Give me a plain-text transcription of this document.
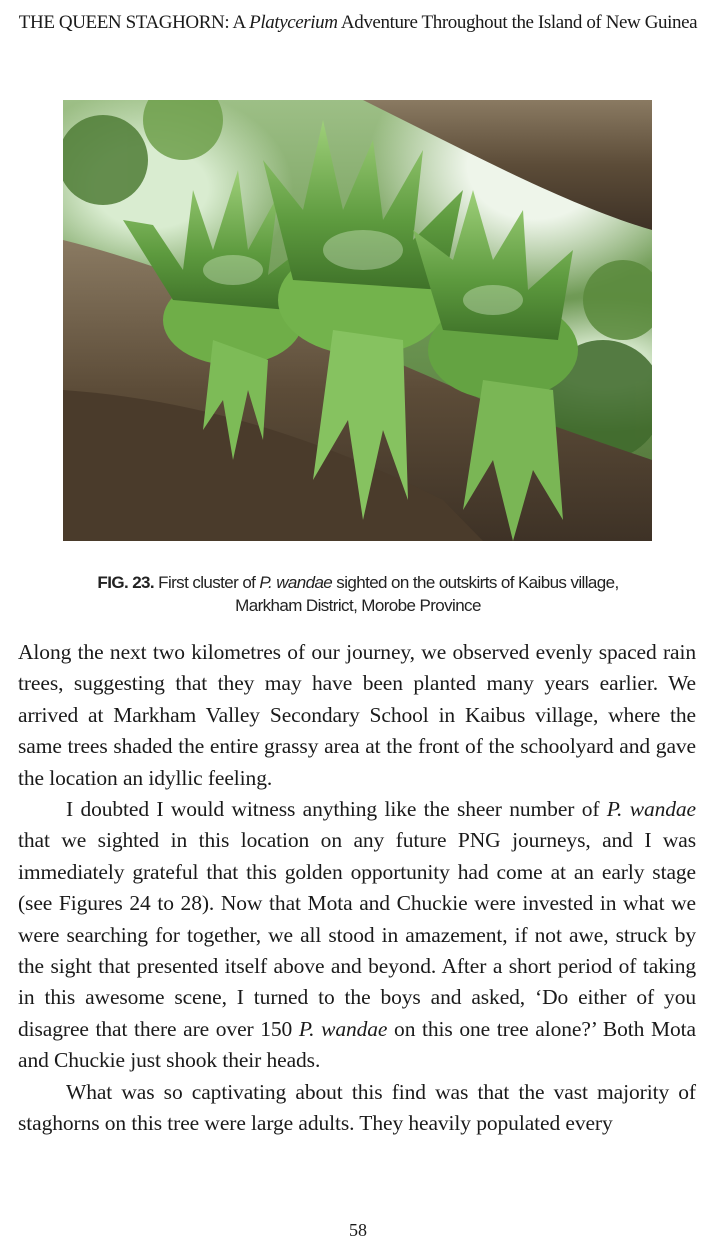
THE QUEEN STAGHORN: A Platycerium Adventure Throughout the Island of New Guinea
FIG. 23. First cluster of P. wandae sighted on the outskirts of Kaibus village,
Markham District, Morobe Province

Along the next two kilometres of our journey, we observed evenly spaced rain trees, suggesting that they may have been planted many years earlier. We arrived at Markham Valley Secondary School in Kaibus village, where the same trees shaded the entire grassy area at the front of the schoolyard and gave the location an idyllic feeling.

I doubted I would witness anything like the sheer number of P. wandae that we sighted in this location on any future PNG journeys, and I was immediately grateful that this golden opportunity had come at an early stage (see Figures 24 to 28). Now that Mota and Chuckie were invested in what we were searching for together, we all stood in amazement, if not awe, struck by the sight that presented itself above and beyond. After a short period of taking in this awesome scene, I turned to the boys and asked, ‘Do either of you disagree that there are over 150 P. wandae on this one tree alone?’ Both Mota and Chuckie just shook their heads.

What was so captivating about this find was that the vast majority of staghorns on this tree were large adults. They heavily populated every

58
